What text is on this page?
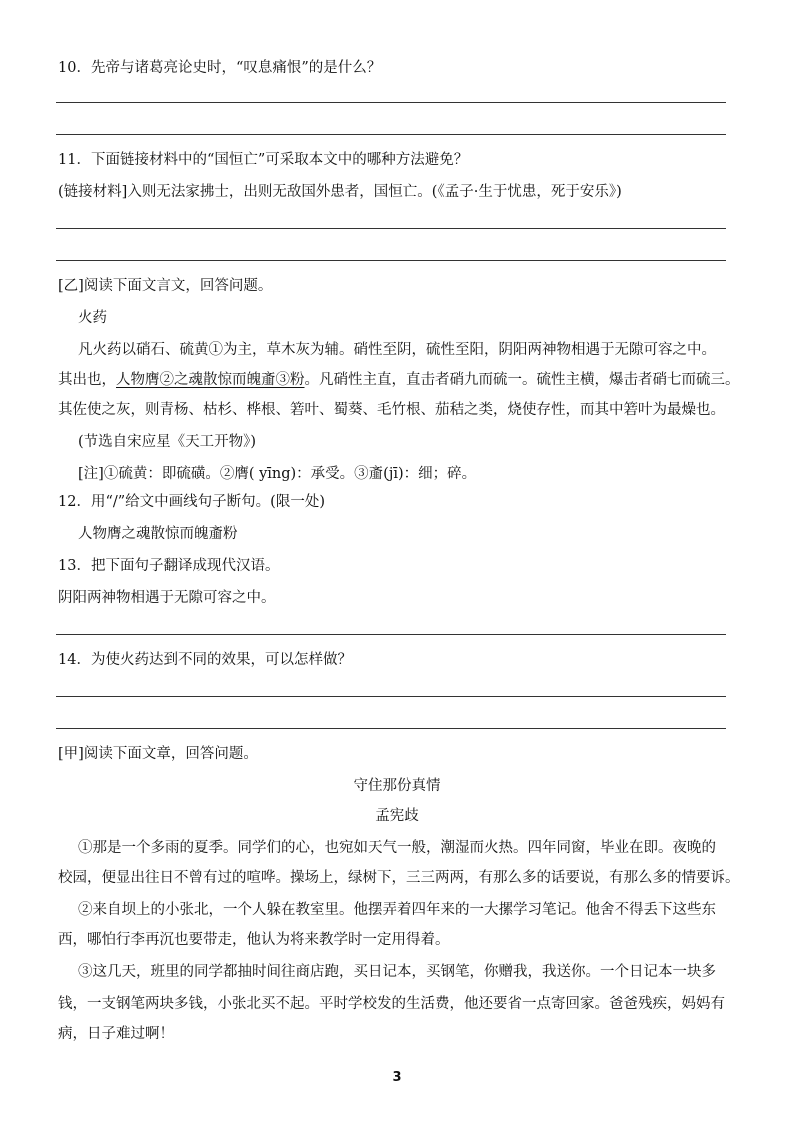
10．先帝与诸葛亮论史时，“叹息痛恨”的是什么？
11．下面链接材料中的“国恒亡”可采取本文中的哪种方法避免？
(链接材料]入则无法家拂士，出则无敌国外患者，国恒亡。(《孟子·生于忧患，死于安乐》)
[乙]阅读下面文言文，回答问题。
火药
凡火药以硝石、硫黄①为主，草木灰为辅。硝性至阴，硫性至阳，阴阳两神物相遇于无隙可容之中。
其出也，人物膺②之魂散惊而魄齑③粉。凡硝性主直，直击者硝九而硫一。硫性主横，爆击者硝七而硫三。
其佐使之灰，则青杨、枯杉、桦根、箬叶、蜀葵、毛竹根、茄秸之类，烧使存性，而其中箬叶为最燥也。
(节选自宋应星《天工开物》)
[注]①硫黄：即硫磺。②膺( yīng)：承受。③齑(jī)：细；碎。
12．用“/”给文中画线句子断句。(限一处)
人物膺之魂散惊而魄齑粉
13．把下面句子翻译成现代汉语。
阴阳两神物相遇于无隙可容之中。
14．为使火药达到不同的效果，可以怎样做？
[甲]阅读下面文章，回答问题。
守住那份真情
孟宪歧
①那是一个多雨的夏季。同学们的心，也宛如天气一般，潮湿而火热。四年同窗，毕业在即。夜晚的
校园，便显出往日不曾有过的喧哗。操场上，绿树下，三三两两，有那么多的话要说，有那么多的情要诉。
②来自坝上的小张北，一个人躲在教室里。他摆弄着四年来的一大摞学习笔记。他舍不得丢下这些东
西，哪怕行李再沉也要带走，他认为将来教学时一定用得着。
③这几天，班里的同学都抽时间往商店跑，买日记本，买钢笔，你赠我，我送你。一个日记本一块多
钱，一支钢笔两块多钱，小张北买不起。平时学校发的生活费，他还要省一点寄回家。爸爸残疾，妈妈有
病，日子难过啊！
3
